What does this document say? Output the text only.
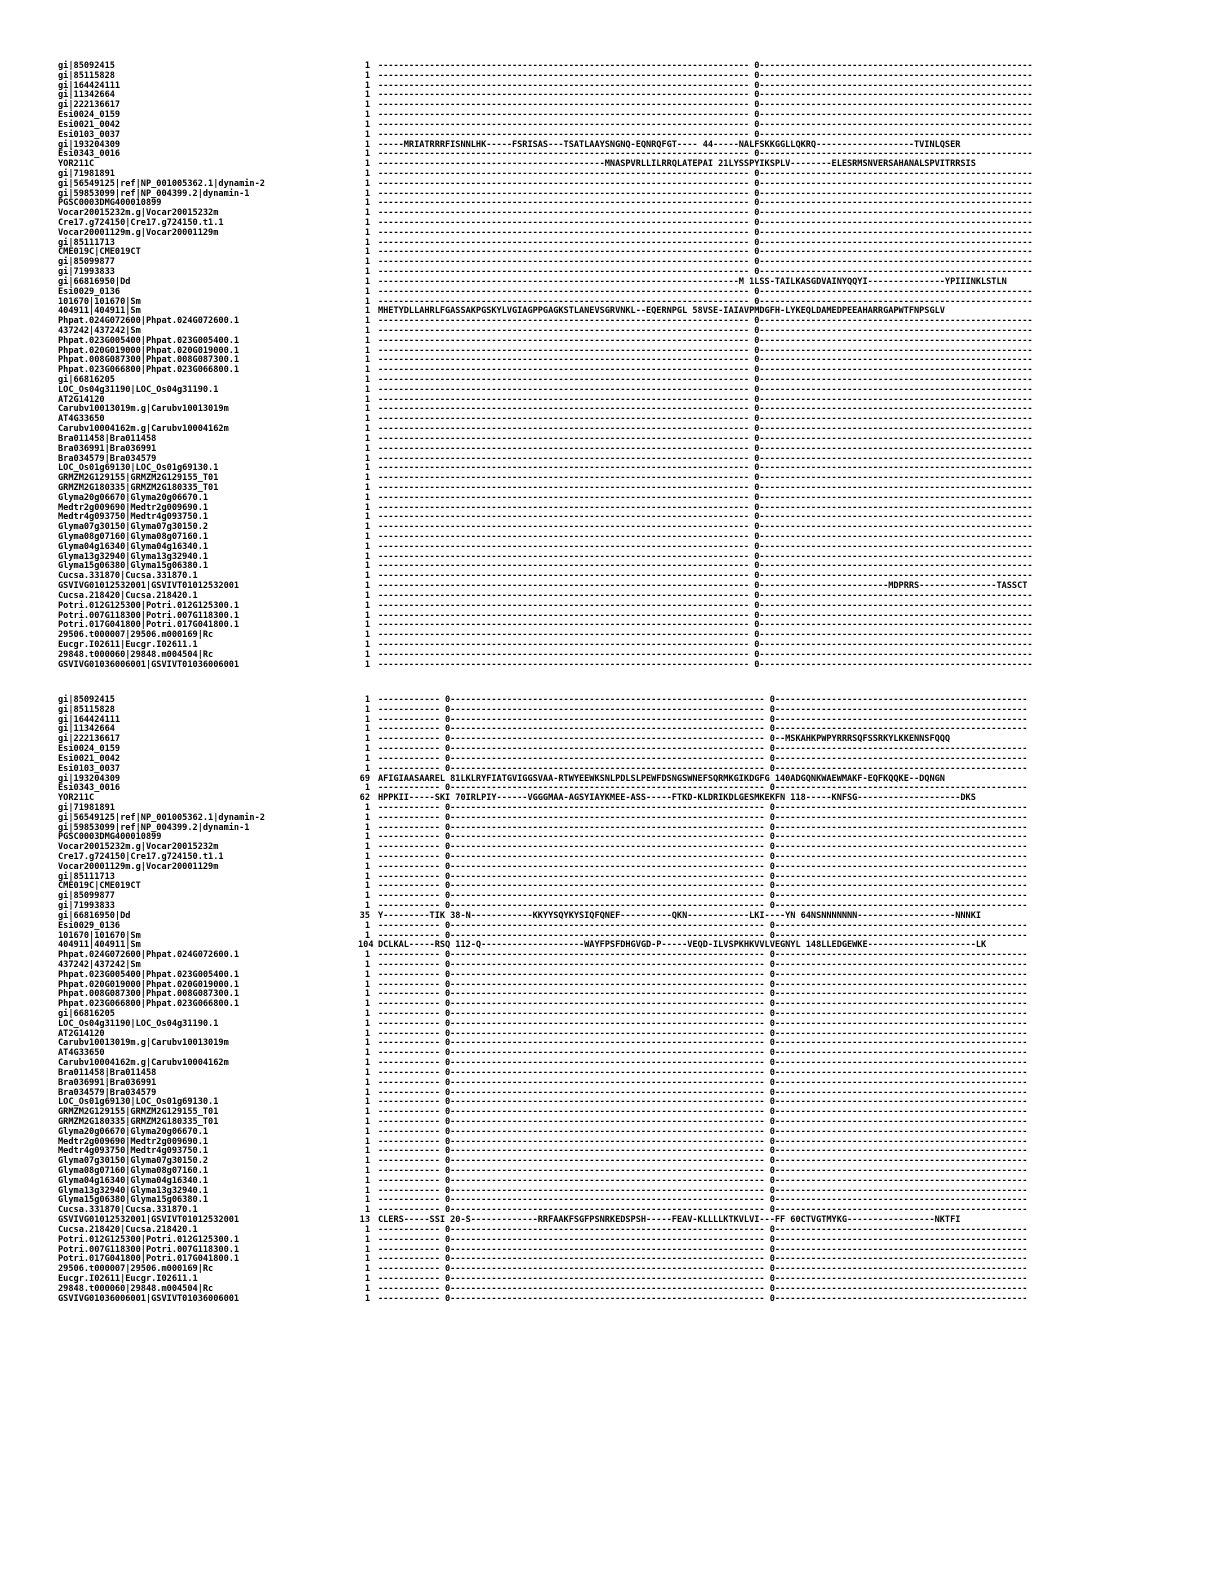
gi|85092415	1 ------------------------------------------------------------------------ 0-----------------------------------------------------
gi|85115828	1 ------------------------------------------------------------------------ 0-----------------------------------------------------
gi|164424111	1 ------------------------------------------------------------------------ 0-----------------------------------------------------
gi|11342664	1 ------------------------------------------------------------------------ 0-----------------------------------------------------
gi|222136617	1 ------------------------------------------------------------------------ 0-----------------------------------------------------
Esi0024_0159	1 ------------------------------------------------------------------------ 0-----------------------------------------------------
Esi0021_0042	1 ------------------------------------------------------------------------ 0-----------------------------------------------------
Esi0103_0037	1 ------------------------------------------------------------------------ 0-----------------------------------------------------
gi|193204309	1 -----MRIATRRRFISNNLHK-----FSRISAS---TSATLAAYSNGNQ-EQNRQFGT---- 44-----NALFSKKGGLLQKRQ-------------------TVINLQSER
Esi0343_0016	1 ------------------------------------------------------------------------ 0-----------------------------------------------------
YOR211C	1 --------------------------------------------MNASPVRLLILRRQLATEPAI 21LYSSPYIKSPLV--------ELESRMSNVERSAHANALSPVITRRSIS
gi|71981891	1 ------------------------------------------------------------------------ 0-----------------------------------------------------
gi|56549125|ref|NP_001005362.1|dynamin-2	1 ------------------------------------------------------------------------ 0-----------------------------------------------------
gi|59853099|ref|NP_004399.2|dynamin-1	1 ------------------------------------------------------------------------ 0-----------------------------------------------------
PGSC0003DMG400010899	1 ------------------------------------------------------------------------ 0-----------------------------------------------------
Vocar20015232m.g|Vocar20015232m	1 ------------------------------------------------------------------------ 0-----------------------------------------------------
Cre17.g724150|Cre17.g724150.t1.1	1 ------------------------------------------------------------------------ 0-----------------------------------------------------
Vocar20001129m.g|Vocar20001129m	1 ------------------------------------------------------------------------ 0-----------------------------------------------------
gi|85111713	1 ------------------------------------------------------------------------ 0-----------------------------------------------------
CME019C|CME019CT	1 ------------------------------------------------------------------------ 0-----------------------------------------------------
gi|85099877	1 ------------------------------------------------------------------------ 0-----------------------------------------------------
gi|71993833	1 ------------------------------------------------------------------------ 0-----------------------------------------------------
gi|66816950|Dd	1 ----------------------------------------------------------------------M 1LSS-TAILKASGDVAINYQQYI---------------YPIIINKLSTLN
Esi0029_0136	1 ------------------------------------------------------------------------ 0-----------------------------------------------------
101670|101670|Sm	1 ------------------------------------------------------------------------ 0-----------------------------------------------------
404911|404911|Sm	1 MHETYDLLAHRLFGASSAKPGSKYLVGIAGPPGAGKSTLANEVSGRVNKL--EQERNPGL 58VSE-IAIAVPMDGFH-LYKEQLDAMEDPEEAHARRGAPWTFNPSGLV
Phpat.024G072600|Phpat.024G072600.1	1 ------------------------------------------------------------------------ 0-----------------------------------------------------
437242|437242|Sm	1 ------------------------------------------------------------------------ 0-----------------------------------------------------
Phpat.023G005400|Phpat.023G005400.1	1 ------------------------------------------------------------------------ 0-----------------------------------------------------
Phpat.020G019000|Phpat.020G019000.1	1 ------------------------------------------------------------------------ 0-----------------------------------------------------
Phpat.008G087300|Phpat.008G087300.1	1 ------------------------------------------------------------------------ 0-----------------------------------------------------
Phpat.023G066800|Phpat.023G066800.1	1 ------------------------------------------------------------------------ 0-----------------------------------------------------
gi|66816205	1 ------------------------------------------------------------------------ 0-----------------------------------------------------
LOC_Os04g31190|LOC_Os04g31190.1	1 ------------------------------------------------------------------------ 0-----------------------------------------------------
AT2G14120	1 ------------------------------------------------------------------------ 0-----------------------------------------------------
Carubv10013019m.g|Carubv10013019m	1 ------------------------------------------------------------------------ 0-----------------------------------------------------
AT4G33650	1 ------------------------------------------------------------------------ 0-----------------------------------------------------
Carubv10004162m.g|Carubv10004162m	1 ------------------------------------------------------------------------ 0-----------------------------------------------------
Bra011458|Bra011458	1 ------------------------------------------------------------------------ 0-----------------------------------------------------
Bra036991|Bra036991	1 ------------------------------------------------------------------------ 0-----------------------------------------------------
Bra034579|Bra034579	1 ------------------------------------------------------------------------ 0-----------------------------------------------------
LOC_Os01g69130|LOC_Os01g69130.1	1 ------------------------------------------------------------------------ 0-----------------------------------------------------
GRMZM2G129155|GRMZM2G129155_T01	1 ------------------------------------------------------------------------ 0-----------------------------------------------------
GRMZM2G180335|GRMZM2G180335_T01	1 ------------------------------------------------------------------------ 0-----------------------------------------------------
Glyma20g06670|Glyma20g06670.1	1 ------------------------------------------------------------------------ 0-----------------------------------------------------
Medtr2g009690|Medtr2g009690.1	1 ------------------------------------------------------------------------ 0-----------------------------------------------------
Medtr4g093750|Medtr4g093750.1	1 ------------------------------------------------------------------------ 0-----------------------------------------------------
Glyma07g30150|Glyma07g30150.2	1 ------------------------------------------------------------------------ 0-----------------------------------------------------
Glyma08g07160|Glyma08g07160.1	1 ------------------------------------------------------------------------ 0-----------------------------------------------------
Glyma04g16340|Glyma04g16340.1	1 ------------------------------------------------------------------------ 0-----------------------------------------------------
Glyma13g32940|Glyma13g32940.1	1 ------------------------------------------------------------------------ 0-----------------------------------------------------
Glyma15g06380|Glyma15g06380.1	1 ------------------------------------------------------------------------ 0-----------------------------------------------------
Cucsa.331870|Cucsa.331870.1	1 ------------------------------------------------------------------------ 0-----------------------------------------------------
GSVIVG01012532001|GSVIVT01012532001	1 ------------------------------------------------------------------------ 0-------------------------MDPRRS---------------TASSCT
Cucsa.218420|Cucsa.218420.1	1 ------------------------------------------------------------------------ 0-----------------------------------------------------
Potri.012G125300|Potri.012G125300.1	1 ------------------------------------------------------------------------ 0-----------------------------------------------------
Potri.007G118300|Potri.007G118300.1	1 ------------------------------------------------------------------------ 0-----------------------------------------------------
Potri.017G041800|Potri.017G041800.1	1 ------------------------------------------------------------------------ 0-----------------------------------------------------
29506.t000007|29506.m000169|Rc	1 ------------------------------------------------------------------------ 0-----------------------------------------------------
Eucgr.I02611|Eucgr.I02611.1	1 ------------------------------------------------------------------------ 0-----------------------------------------------------
29848.t000060|29848.m004504|Rc	1 ------------------------------------------------------------------------ 0-----------------------------------------------------
GSVIVG01036006001|GSVIVT01036006001	1 ------------------------------------------------------------------------ 0-----------------------------------------------------
gi|85092415	1 ------------ 0------------------------------------------------------------- 0-------------------------------------------------
gi|85115828	1 ------------ 0------------------------------------------------------------- 0-------------------------------------------------
gi|164424111	1 ------------ 0------------------------------------------------------------- 0-------------------------------------------------
gi|11342664	1 ------------ 0------------------------------------------------------------- 0-------------------------------------------------
gi|222136617	1 ------------ 0------------------------------------------------------------- 0--MSKAHKPWPYRRRSQFSSRKYLKKENNSFQQQ
Esi0024_0159	1 ------------ 0------------------------------------------------------------- 0-------------------------------------------------
Esi0021_0042	1 ------------ 0------------------------------------------------------------- 0-------------------------------------------------
Esi0103_0037	1 ------------ 0------------------------------------------------------------- 0-------------------------------------------------
gi|193204309	69 AFIGIAASAAREL 81LKLRYFIATGVIGGSVAA-RTWYEEWKSNLPDLSLPEWFDSNGSWNEFSQRMKGIKDGFG 140ADGQNKWAEWMAKF-EQFKQQKE--DQNGN
Esi0343_0016	1 ------------ 0------------------------------------------------------------- 0-------------------------------------------------
YOR211C	62 HPPKII-----SKI 70IRLPIY------VGGGMAA-AGSYIAYKMEE-ASS-----FTKD-KLDRIKDLGESMKEKFN 118-----KNFSG--------------------DKS
gi|71981891	1 ------------ 0------------------------------------------------------------- 0-------------------------------------------------
gi|56549125|ref|NP_001005362.1|dynamin-2	1 ------------ 0------------------------------------------------------------- 0-------------------------------------------------
gi|59853099|ref|NP_004399.2|dynamin-1	1 ------------ 0------------------------------------------------------------- 0-------------------------------------------------
PGSC0003DMG400010899	1 ------------ 0------------------------------------------------------------- 0-------------------------------------------------
Vocar20015232m.g|Vocar20015232m	1 ------------ 0------------------------------------------------------------- 0-------------------------------------------------
Cre17.g724150|Cre17.g724150.t1.1	1 ------------ 0------------------------------------------------------------- 0-------------------------------------------------
Vocar20001129m.g|Vocar20001129m	1 ------------ 0------------------------------------------------------------- 0-------------------------------------------------
gi|85111713	1 ------------ 0------------------------------------------------------------- 0-------------------------------------------------
CME019C|CME019CT	1 ------------ 0------------------------------------------------------------- 0-------------------------------------------------
gi|85099877	1 ------------ 0------------------------------------------------------------- 0-------------------------------------------------
gi|71993833	1 ------------ 0------------------------------------------------------------- 0-------------------------------------------------
gi|66816950|Dd	35 Y---------TIK 38-N------------KKYYSQYKYSIQFQNEF----------QKN------------LKI----YN 64NSNNNNNNN-------------------NNNKI
Esi0029_0136	1 ------------ 0------------------------------------------------------------- 0-------------------------------------------------
101670|101670|Sm	1 ------------ 0------------------------------------------------------------- 0-------------------------------------------------
404911|404911|Sm	104 DCLKAL-----RSQ 112-Q--------------------WAYFPSFDHGVGD-P-----VEQD-ILVSPKHKVVLVEGNYL 148LLEDGEWKE---------------------LK
Phpat.024G072600|Phpat.024G072600.1	1 ------------ 0------------------------------------------------------------- 0-------------------------------------------------
437242|437242|Sm	1 ------------ 0------------------------------------------------------------- 0-------------------------------------------------
Phpat.023G005400|Phpat.023G005400.1	1 ------------ 0------------------------------------------------------------- 0-------------------------------------------------
Phpat.020G019000|Phpat.020G019000.1	1 ------------ 0------------------------------------------------------------- 0-------------------------------------------------
Phpat.008G087300|Phpat.008G087300.1	1 ------------ 0------------------------------------------------------------- 0-------------------------------------------------
Phpat.023G066800|Phpat.023G066800.1	1 ------------ 0------------------------------------------------------------- 0-------------------------------------------------
gi|66816205	1 ------------ 0------------------------------------------------------------- 0-------------------------------------------------
LOC_Os04g31190|LOC_Os04g31190.1	1 ------------ 0------------------------------------------------------------- 0-------------------------------------------------
AT2G14120	1 ------------ 0------------------------------------------------------------- 0-------------------------------------------------
Carubv10013019m.g|Carubv10013019m	1 ------------ 0------------------------------------------------------------- 0-------------------------------------------------
AT4G33650	1 ------------ 0------------------------------------------------------------- 0-------------------------------------------------
Carubv10004162m.g|Carubv10004162m	1 ------------ 0------------------------------------------------------------- 0-------------------------------------------------
Bra011458|Bra011458	1 ------------ 0------------------------------------------------------------- 0-------------------------------------------------
Bra036991|Bra036991	1 ------------ 0------------------------------------------------------------- 0-------------------------------------------------
Bra034579|Bra034579	1 ------------ 0------------------------------------------------------------- 0-------------------------------------------------
LOC_Os01g69130|LOC_Os01g69130.1	1 ------------ 0------------------------------------------------------------- 0-------------------------------------------------
GRMZM2G129155|GRMZM2G129155_T01	1 ------------ 0------------------------------------------------------------- 0-------------------------------------------------
GRMZM2G180335|GRMZM2G180335_T01	1 ------------ 0------------------------------------------------------------- 0-------------------------------------------------
Glyma20g06670|Glyma20g06670.1	1 ------------ 0------------------------------------------------------------- 0-------------------------------------------------
Medtr2g009690|Medtr2g009690.1	1 ------------ 0------------------------------------------------------------- 0-------------------------------------------------
Medtr4g093750|Medtr4g093750.1	1 ------------ 0------------------------------------------------------------- 0-------------------------------------------------
Glyma07g30150|Glyma07g30150.2	1 ------------ 0------------------------------------------------------------- 0-------------------------------------------------
Glyma08g07160|Glyma08g07160.1	1 ------------ 0------------------------------------------------------------- 0-------------------------------------------------
Glyma04g16340|Glyma04g16340.1	1 ------------ 0------------------------------------------------------------- 0-------------------------------------------------
Glyma13g32940|Glyma13g32940.1	1 ------------ 0------------------------------------------------------------- 0-------------------------------------------------
Glyma15g06380|Glyma15g06380.1	1 ------------ 0------------------------------------------------------------- 0-------------------------------------------------
Cucsa.331870|Cucsa.331870.1	1 ------------ 0------------------------------------------------------------- 0-------------------------------------------------
GSVIVG01012532001|GSVIVT01012532001	13 CLERS-----SSI 20-S-------------RRFAAKFSGFPSNRKEDSPSH-----FEAV-KLLLLKTKVLVI---FF 60CTVGTMYKG-----------------NKTFI
Cucsa.218420|Cucsa.218420.1	1 ------------ 0------------------------------------------------------------- 0-------------------------------------------------
Potri.012G125300|Potri.012G125300.1	1 ------------ 0------------------------------------------------------------- 0-------------------------------------------------
Potri.007G118300|Potri.007G118300.1	1 ------------ 0------------------------------------------------------------- 0-------------------------------------------------
Potri.017G041800|Potri.017G041800.1	1 ------------ 0------------------------------------------------------------- 0-------------------------------------------------
29506.t000007|29506.m000169|Rc	1 ------------ 0------------------------------------------------------------- 0-------------------------------------------------
Eucgr.I02611|Eucgr.I02611.1	1 ------------ 0------------------------------------------------------------- 0-------------------------------------------------
29848.t000060|29848.m004504|Rc	1 ------------ 0------------------------------------------------------------- 0-------------------------------------------------
GSVIVG01036006001|GSVIVT01036006001	1 ------------ 0------------------------------------------------------------- 0-------------------------------------------------
